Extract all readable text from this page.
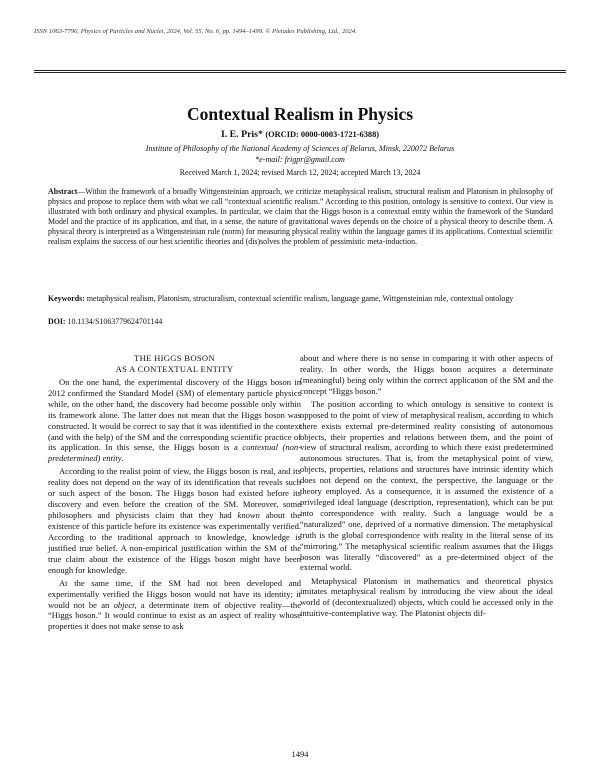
ISSN 1063-7796, Physics of Particles and Nuclei, 2024, Vol. 55, No. 6, pp. 1494–1499. © Pleiades Publishing, Ltd., 2024.
Contextual Realism in Physics
I. E. Pris* (ORCID: 0000-0003-1721-6388)
Institute of Philosophy of the National Academy of Sciences of Belarus, Minsk, 220072 Belarus
*e-mail: frigpr@gmail.com
Received March 1, 2024; revised March 12, 2024; accepted March 13, 2024

Abstract—Within the framework of a broadly Wittgensteinian approach, we criticize metaphysical realism, structural realism and Platonism in philosophy of physics and propose to replace them with what we call “contextual scientific realism.” According to this position, ontology is sensitive to context. Our view is illustrated with both ordinary and physical examples. In particular, we claim that the Higgs boson is a contextual entity within the framework of the Standard Model and the practice of its application, and that, in a sense, the nature of gravitational waves depends on the choice of a physical theory to describe them. A physical theory is interpreted as a Wittgensteinian rule (norm) for measuring physical reality within the language games if its applications. Contextual scientific realism explains the success of our best scientific theories and (dis)solves the problem of pessimistic meta-induction.

Keywords: metaphysical realism, Platonism, structuralism, contextual scientific realism, language game, Wittgensteinian rule, contextual ontology

DOI: 10.1134/S1063779624701144

THE HIGGS BOSON
AS A CONTEXTUAL ENTITY

On the one hand, the experimental discovery of the Higgs boson in 2012 confirmed the Standard Model (SM) of elementary particle physics while, on the other hand, the discovery had become possible only within its framework alone. The latter does not mean that the Higgs boson was constructed. It would be correct to say that it was identified in the context (and with the help) of the SM and the corresponding scientific practice of its application. In this sense, the Higgs boson is a contextual (non-predetermined) entity.

According to the realist point of view, the Higgs boson is real, and its reality does not depend on the way of its identification that reveals such or such aspect of the boson. The Higgs boson had existed before its discovery and even before the creation of the SM. Moreover, some philosophers and physicists claim that they had known about the existence of this particle before its existence was experimentally verified. According to the traditional approach to knowledge, knowledge is justified true belief. A non-empirical justification within the SM of the true claim about the existence of the Higgs boson might have been enough for knowledge.

At the same time, if the SM had not been developed and experimentally verified the Higgs boson would not have its identity; it would not be an object, a determinate item of objective reality—the “Higgs boson.” It would continue to exist as an aspect of reality whose properties it does not make sense to ask

about and where there is no sense in comparing it with other aspects of reality. In other words, the Higgs boson acquires a determinate (meaningful) being only within the correct application of the SM and the concept “Higgs boson.”

The position according to which ontology is sensitive to context is opposed to the point of view of metaphysical realism, according to which there exists external pre-determined reality consisting of autonomous objects, their properties and relations between them, and the point of view of structural realism, according to which there exist predetermined autonomous structures. That is, from the metaphysical point of view, objects, properties, relations and structures have intrinsic identity which does not depend on the context, the perspective, the language or the theory employed. As a consequence, it is assumed the existence of a privileged ideal language (description, representation), which can be put into correspondence with reality. Such a language would be a “naturalized” one, deprived of a normative dimension. The metaphysical truth is the global correspondence with reality in the literal sense of its “mirroring.” The metaphysical scientific realism assumes that the Higgs boson was literally “discovered” as a pre-determined object of the external world.

Metaphysical Platonism in mathematics and theoretical physics imitates metaphysical realism by introducing the view about the ideal world of (decontextualized) objects, which could be accessed only in the intuitive-contemplative way. The Platonist objects dif-

1494
